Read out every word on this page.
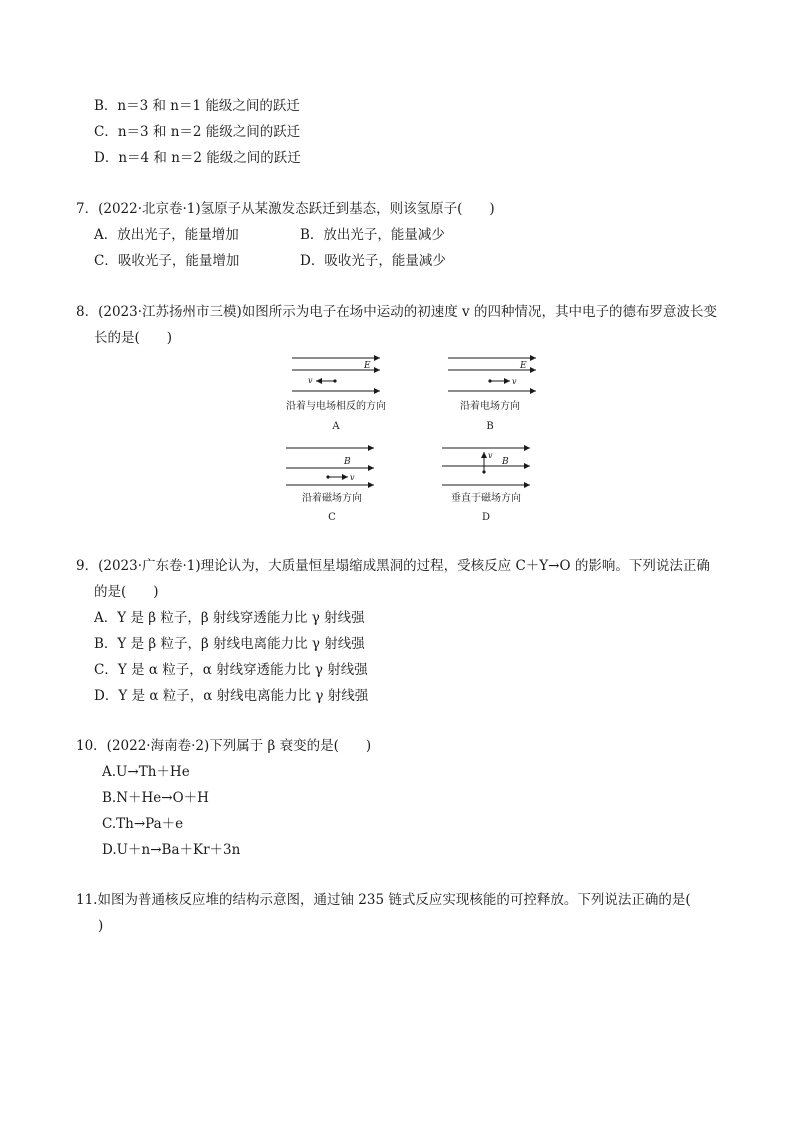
B．n＝3 和 n＝1 能级之间的跃迁
C．n＝3 和 n＝2 能级之间的跃迁
D．n＝4 和 n＝2 能级之间的跃迁
7．(2022·北京卷·1)氢原子从某激发态跃迁到基态，则该氢原子(　　)
A．放出光子，能量增加	B．放出光子，能量减少
C．吸收光子，能量增加	D．吸收光子，能量减少
8．(2023·江苏扬州市三模)如图所示为电子在场中运动的初速度 v 的四种情况，其中电子的德布罗意波长变
长的是(　　)
E
v
沿着与电场相反的方向
A
E
v
沿着电场方向
B
B
v
沿着磁场方向
C
v
B
垂直于磁场方向
D
9．(2023·广东卷·1)理论认为，大质量恒星塌缩成黑洞的过程，受核反应 C＋Y→O 的影响。下列说法正确
的是(　　)
A．Y 是 β 粒子，β 射线穿透能力比 γ 射线强
B．Y 是 β 粒子，β 射线电离能力比 γ 射线强
C．Y 是 α 粒子，α 射线穿透能力比 γ 射线强
D．Y 是 α 粒子，α 射线电离能力比 γ 射线强
10．(2022·海南卷·2)下列属于 β 衰变的是(　　)
A.U→Th＋He
B.N＋He→O＋H
C.Th→Pa＋e
D.U＋n→Ba＋Kr＋3n
11.如图为普通核反应堆的结构示意图，通过铀 235 链式反应实现核能的可控释放。下列说法正确的是(
)
